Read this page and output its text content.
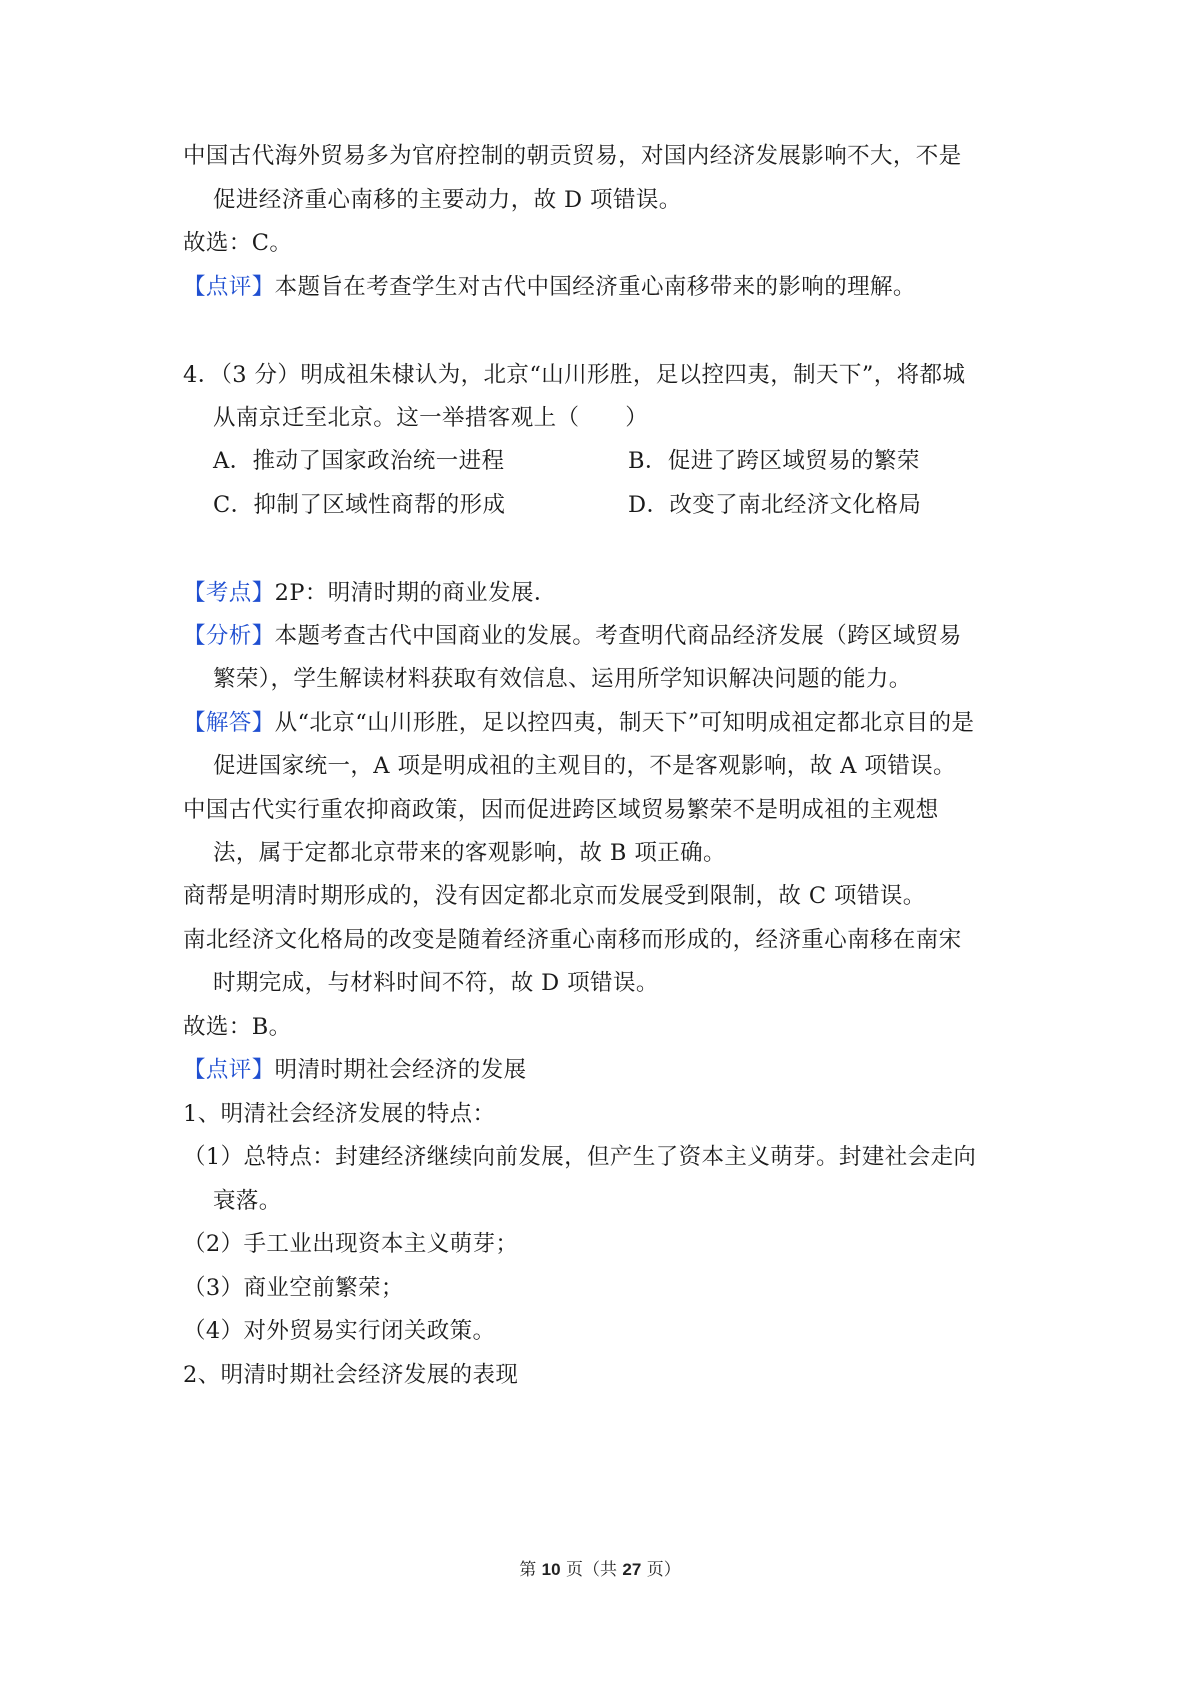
中国古代海外贸易多为官府控制的朝贡贸易，对国内经济发展影响不大，不是
促进经济重心南移的主要动力，故 D 项错误。
故选：C。
【点评】本题旨在考查学生对古代中国经济重心南移带来的影响的理解。
4．（3 分）明成祖朱棣认为，北京“山川形胜，足以控四夷，制天下”，将都城
从南京迁至北京。这一举措客观上（　　）
A．推动了国家政治统一进程	B．促进了跨区域贸易的繁荣
C．抑制了区域性商帮的形成	D．改变了南北经济文化格局
【考点】2P：明清时期的商业发展．
【分析】本题考查古代中国商业的发展。考查明代商品经济发展（跨区域贸易
繁荣），学生解读材料获取有效信息、运用所学知识解决问题的能力。
【解答】从“北京“山川形胜，足以控四夷，制天下”可知明成祖定都北京目的是
促进国家统一，A 项是明成祖的主观目的，不是客观影响，故 A 项错误。
中国古代实行重农抑商政策，因而促进跨区域贸易繁荣不是明成祖的主观想
法，属于定都北京带来的客观影响，故 B 项正确。
商帮是明清时期形成的，没有因定都北京而发展受到限制，故 C 项错误。
南北经济文化格局的改变是随着经济重心南移而形成的，经济重心南移在南宋
时期完成，与材料时间不符，故 D 项错误。
故选：B。
【点评】明清时期社会经济的发展
1、明清社会经济发展的特点：
（1）总特点：封建经济继续向前发展，但产生了资本主义萌芽。封建社会走向
衰落。
（2）手工业出现资本主义萌芽；
（3）商业空前繁荣；
（4）对外贸易实行闭关政策。
2、明清时期社会经济发展的表现
第 10 页（共 27 页）
